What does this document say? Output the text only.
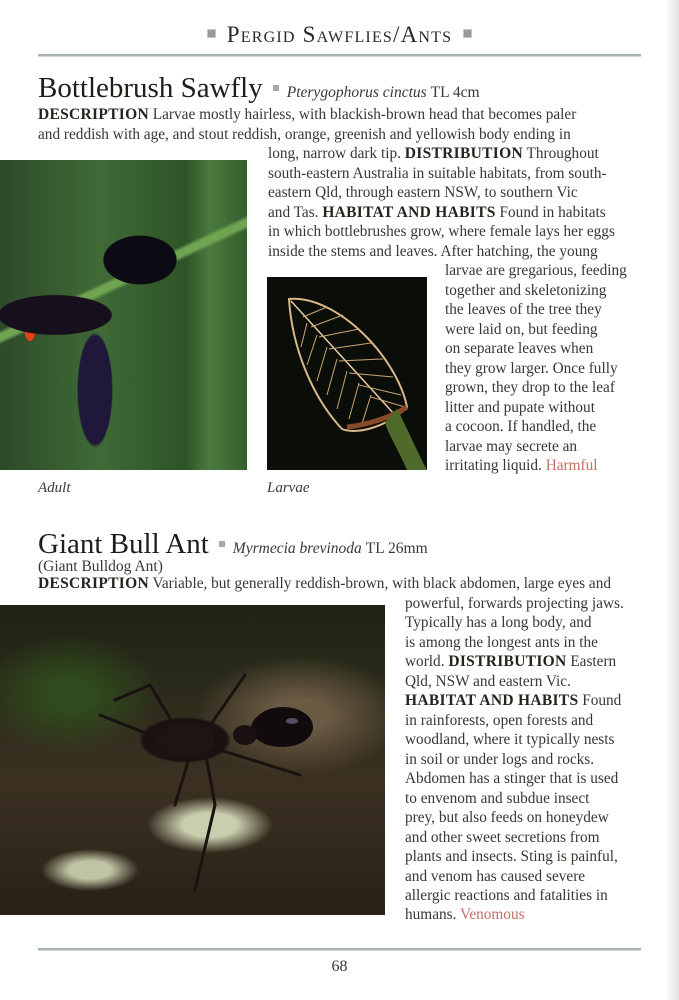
Pergid Sawflies/Ants
Bottlebrush Sawfly Pterygophorus cinctus TL 4cm
DESCRIPTION Larvae mostly hairless, with blackish-brown head that becomes paler
and reddish with age, and stout reddish, orange, greenish and yellowish body ending in
long, narrow dark tip. DISTRIBUTION Throughout
south-eastern Australia in suitable habitats, from south-
eastern Qld, through eastern NSW, to southern Vic
and Tas. HABITAT AND HABITS Found in habitats
in which bottlebrushes grow, where female lays her eggs
inside the stems and leaves. After hatching, the young
larvae are gregarious, feeding
together and skeletonizing
the leaves of the tree they
were laid on, but feeding
on separate leaves when
they grow larger. Once fully
grown, they drop to the leaf
litter and pupate without
a cocoon. If handled, the
larvae may secrete an
irritating liquid. Harmful
Adult	Larvae
Giant Bull Ant Myrmecia brevinoda TL 26mm
(Giant Bulldog Ant)
DESCRIPTION Variable, but generally reddish-brown, with black abdomen, large eyes and
powerful, forwards projecting jaws.
Typically has a long body, and
is among the longest ants in the
world. DISTRIBUTION Eastern
Qld, NSW and eastern Vic.
HABITAT AND HABITS Found
in rainforests, open forests and
woodland, where it typically nests
in soil or under logs and rocks.
Abdomen has a stinger that is used
to envenom and subdue insect
prey, but also feeds on honeydew
and other sweet secretions from
plants and insects. Sting is painful,
and venom has caused severe
allergic reactions and fatalities in
humans. Venomous
68
